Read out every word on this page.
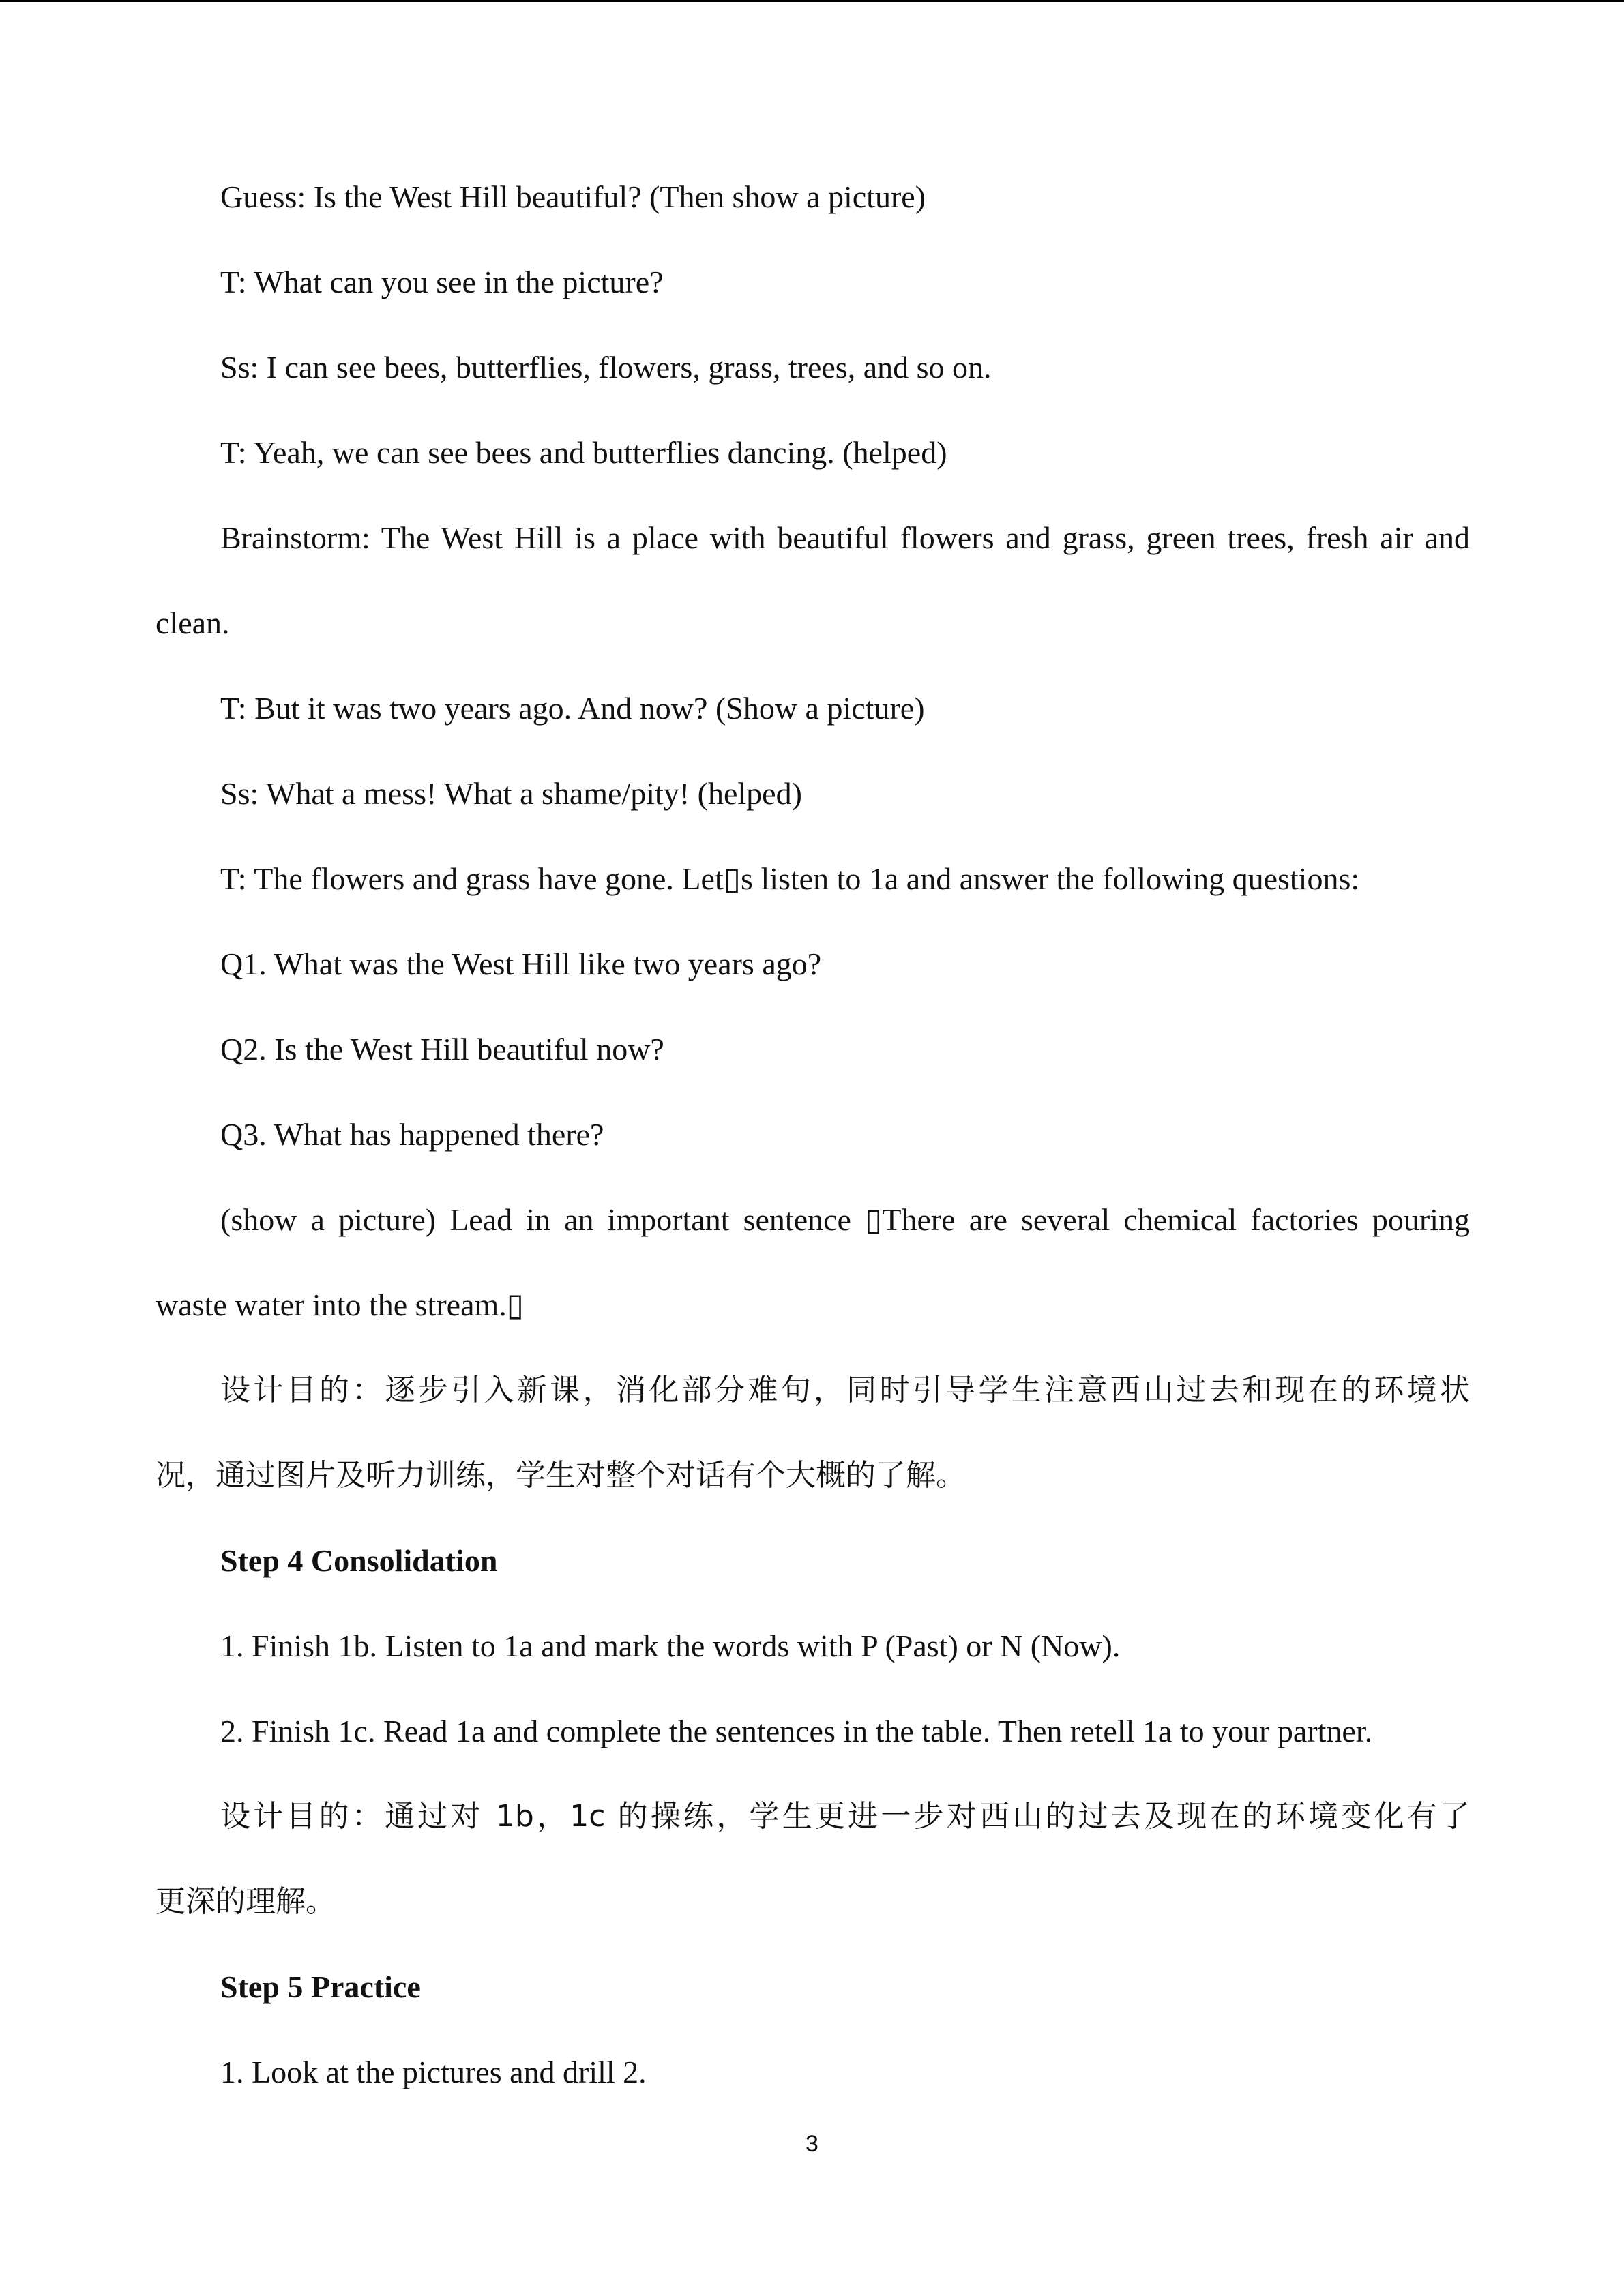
Guess: Is the West Hill beautiful? (Then show a picture)
T: What can you see in the picture?
Ss: I can see bees, butterflies, flowers, grass, trees, and so on.
T: Yeah, we can see bees and butterflies dancing. (helped)
Brainstorm: The West Hill is a place with beautiful flowers and grass, green trees, fresh air and
clean.
T: But it was two years ago. And now? (Show a picture)
Ss: What a mess! What a shame/pity! (helped)
T: The flowers and grass have gone. Let▯s listen to 1a and answer the following questions:
Q1. What was the West Hill like two years ago?
Q2. Is the West Hill beautiful now?
Q3. What has happened there?
(show a picture) Lead in an important sentence ▯There are several chemical factories pouring
waste water into the stream.▯
设计目的：逐步引入新课，消化部分难句，同时引导学生注意西山过去和现在的环境状
况，通过图片及听力训练，学生对整个对话有个大概的了解。
Step 4 Consolidation
1. Finish 1b. Listen to 1a and mark the words with P (Past) or N (Now).
2. Finish 1c. Read 1a and complete the sentences in the table. Then retell 1a to your partner.
设计目的：通过对 1b，1c 的操练，学生更进一步对西山的过去及现在的环境变化有了
更深的理解。
Step 5 Practice
1. Look at the pictures and drill 2.
3
